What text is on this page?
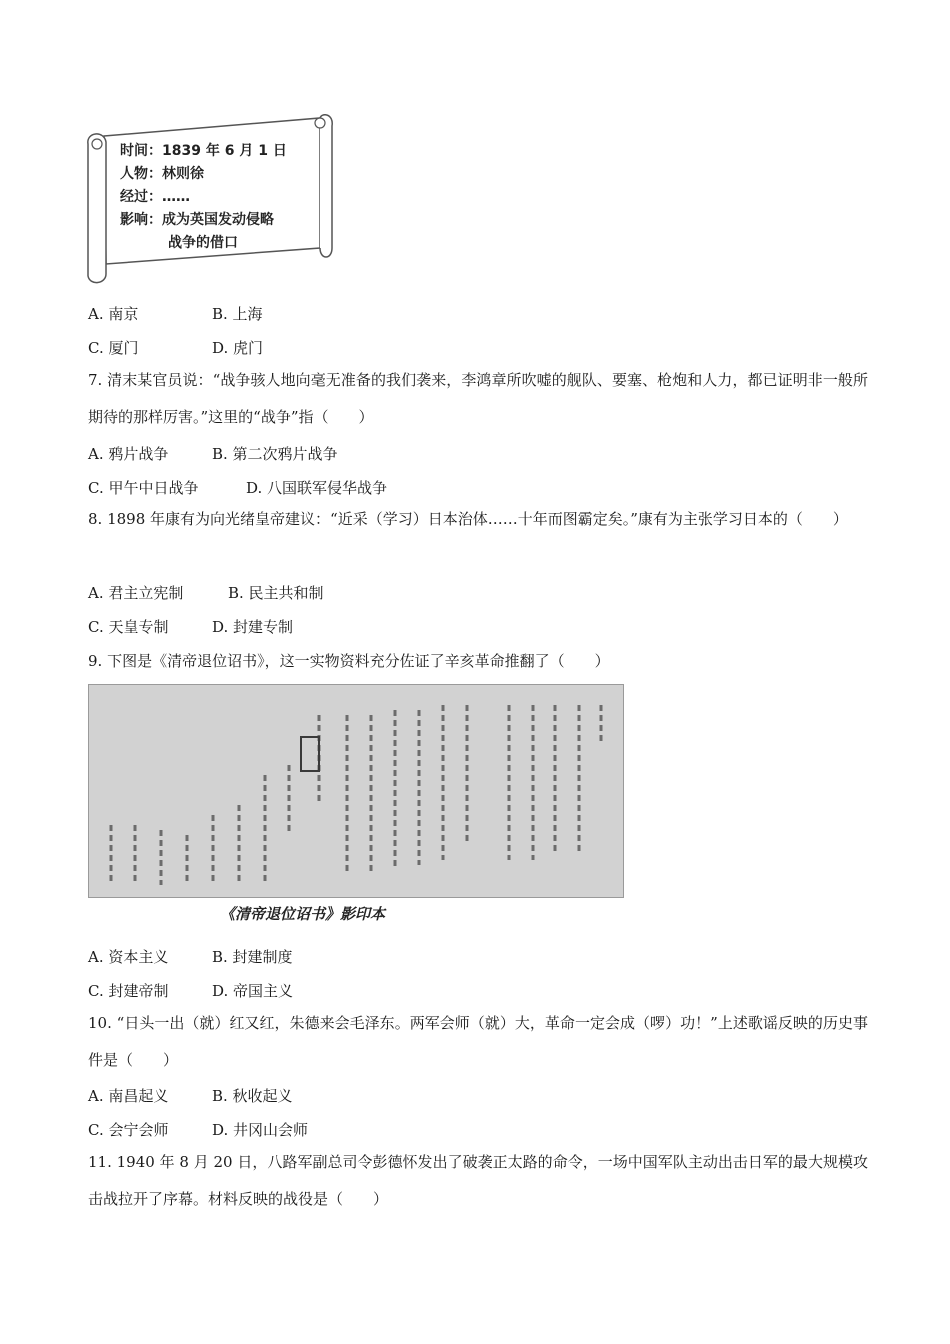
时间：1839 年 6 月 1 日
人物：林则徐
经过：……
影响：成为英国发动侵略
战争的借口
A. 南京	B. 上海
C. 厦门	D. 虎门
7. 清末某官员说：“战争骇人地向毫无准备的我们袭来，李鸿章所吹嘘的舰队、要塞、枪炮和人力，都已证明非一般所期待的那样厉害。”这里的“战争”指（　　）
A. 鸦片战争	B. 第二次鸦片战争
C. 甲午中日战争	D. 八国联军侵华战争
8. 1898 年康有为向光绪皇帝建议：“近采（学习）日本治体……十年而图霸定矣。”康有为主张学习日本的（　　）
A. 君主立宪制	B. 民主共和制
C. 天皇专制	D. 封建专制
9. 下图是《清帝退位诏书》，这一实物资料充分佐证了辛亥革命推翻了（　　）
《清帝退位诏书》影印本
A. 资本主义	B. 封建制度
C. 封建帝制	D. 帝国主义
10. “日头一出（就）红又红，朱德来会毛泽东。两军会师（就）大，革命一定会成（啰）功！”上述歌谣反映的历史事件是（　　）
A. 南昌起义	B. 秋收起义
C. 会宁会师	D. 井冈山会师
11. 1940 年 8 月 20 日，八路军副总司令彭德怀发出了破袭正太路的命令，一场中国军队主动出击日军的最大规模攻击战拉开了序幕。材料反映的战役是（　　）
